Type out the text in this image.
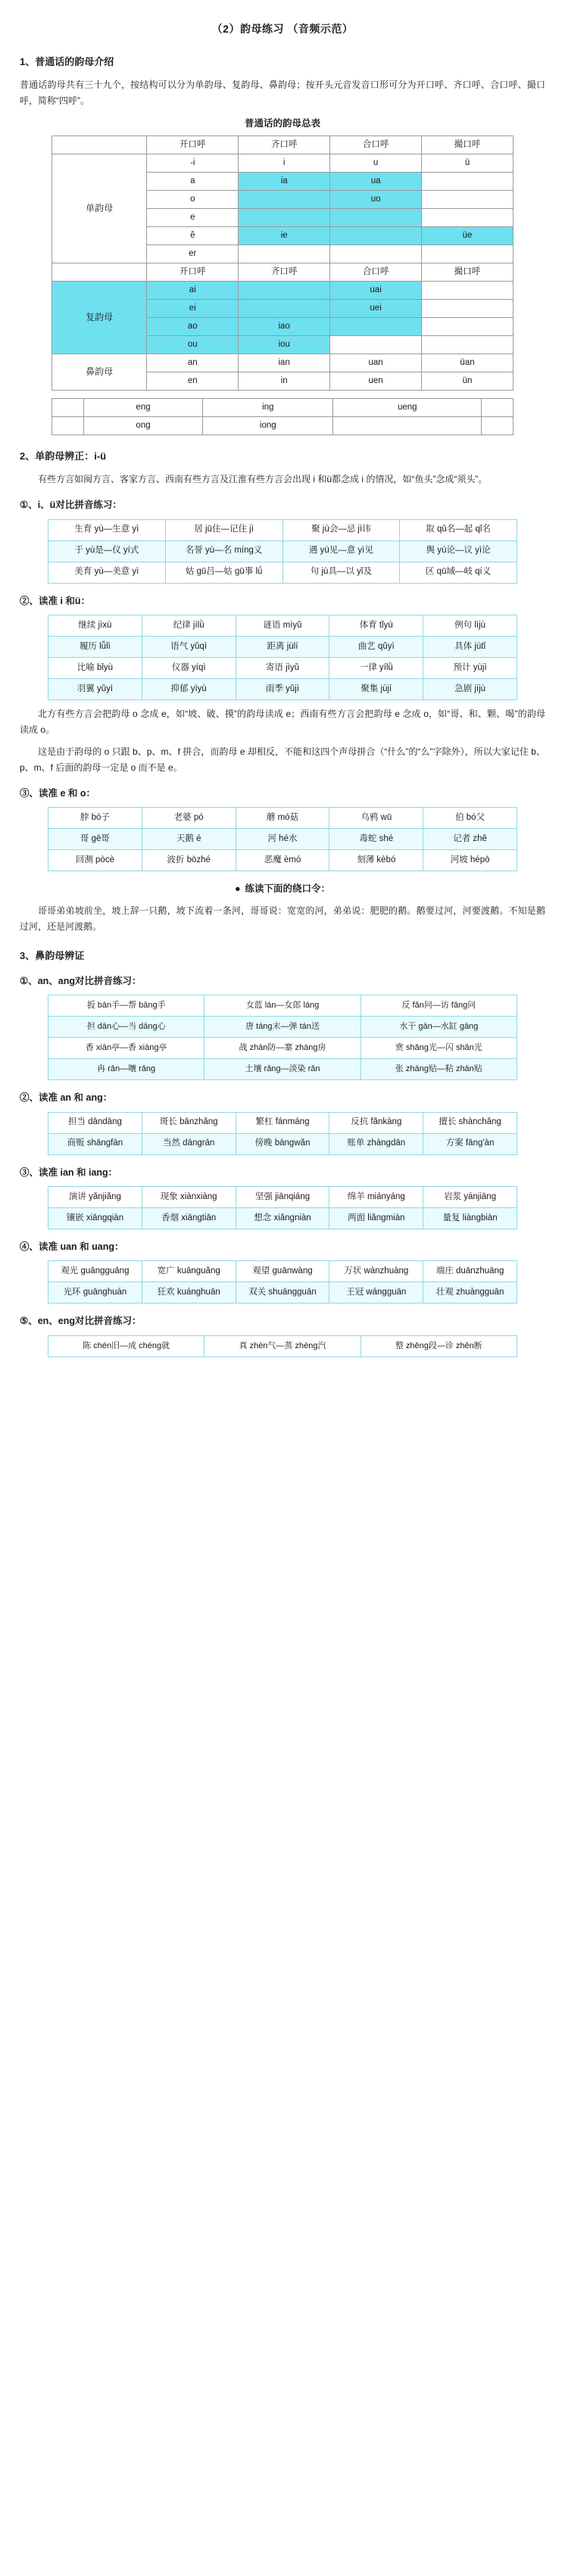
（2）韵母练习 （音频示范）
1、普通话的韵母介绍

普通话韵母共有三十九个，按结构可以分为单韵母、复韵母、鼻韵母；按开头元音发音口形可分为开口呼、齐口呼、合口呼、撮口呼，简称“四呼”。

普通话的韵母总表
	开口呼	齐口呼	合口呼	撮口呼
单韵母	-i	i	u	ü
	a	ia	ua	
	o		uo	
	e			
	ê	ie		üe
	er			
	开口呼	齐口呼	合口呼	撮口呼
复韵母	ai		uai	
	ei		uei	
	ao	iao		
	ou	iou		
鼻韵母	an	ian	uan	üan
	en	in	uen	ün
	eng	ing	ueng	
	ong	iong		
2、单韵母辨正：i-ü

有些方言如闽方言、客家方言、西南有些方言及江淮有些方言会出现 i 和ü都念成 i 的情况，如“鱼头”念成“须头”。

①、i、ü对比拼音练习：
生育 yù—生意 yì	居 jū住—记住 jì	聚 jù会—忌 jì讳	取 qǔ名—起 qǐ名
于 yú是—仪 yí式	名誉 yù—名 míng义	遇 yù见—意 yì见	舆 yú论—议 yì论
美育 yù—美意 yì	姑 gū吕—姑 gū事 lǘ	句 jù具—以 yǐ及	区 qū域—岐 qí义
②、读准 i 和ü：
继续 jìxù	纪律 jìlǜ	谜语 mìyǔ	体育 tǐyù	例句 lìjù
履历 lǚlì	语气 yǔqì	距离 jùlí	曲艺 qǔyì	具体 jùtǐ
比喻 bǐyù	仪器 yíqì	寄语 jìyǔ	一律 yílǜ	预计 yùjì
羽翼 yǔyì	抑郁 yìyù	雨季 yǔjì	聚集 jùjí	急剧 jíjù

北方有些方言会把韵母 o 念成 e，如“坡、破、摸”的韵母读成 e；西南有些方言会把韵母 e 念成 o，如“哥、和、颗、喝”的韵母读成 o。

这是由于韵母的 o 只跟 b、p、m、f 拼合，而韵母 e 却相反，不能和这四个声母拼合（“什么”的“么”字除外），所以大家记住 b、p、m、f 后面的韵母一定是 o 而不是 e。

③、读准 e 和 o：
脖 bó子	老婆 pó	蘑 mó菇	乌鸦 wū	伯 bó父
哥 gē哥	天鹅 é	河 hé水	毒蛇 shé	记者 zhě
回测 pòcè	波折 bōzhé	恶魔 èmó	刻薄 kèbó	河坡 hépō
● 练读下面的绕口令：

哥哥弟弟坡前坐，坡上辞一只鹅，坡下流着一条河，哥哥说：宽宽的河，弟弟说：肥肥的鹅。鹅要过河，河要渡鹅。不知是鹅过河，还是河渡鹅。

3、鼻韵母辨证
①、an、ang对比拼音练习：
扳 bān手—帮 bāng手	女蓝 lán—女郎 láng	反 fǎn问—访 fǎng问
担 dān心—当 dāng心	唐 táng末—弹 tán送	水干 gān—水缸 gāng
香 xiān亭—香 xiāng亭	战 zhàn防—寨 zhàng房	赏 shǎng光—闪 shǎn光
冉 rǎn—嚷 rǎng	土壤 rǎng—淡染 rǎn	张 zhāng贴—粘 zhān贴
②、读准 an 和 ang：
担当 dāndāng	斑长 bānzhǎng	繁杠 fánmáng	反抗 fǎnkàng	擅长 shànchǎng
商贩 shāngfàn	当然 dāngrán	傍晚 bàngwǎn	账单 zhàngdān	方案 fāng'àn
③、读准 ian 和 iang：
演讲 yǎnjiǎng	现象 xiànxiàng	坚强 jiānqiáng	绵羊 miányáng	岩浆 yánjiāng
镶嵌 xiāngqiàn	香烟 xiāngtiān	想念 xiǎngniàn	两面 liǎngmiàn	量复 liàngbiàn
④、读准 uan 和 uang：
观光 guāngguāng	宽广 kuānguǎng	观望 guānwàng	万状 wànzhuàng	端庄 duānzhuāng
光环 guānghuán	狂欢 kuánghuān	双关 shuāngguān	王冠 wángguān	壮观 zhuàngguān
⑤、en、eng对比拼音练习：
陈 chén旧—成 chéng就	真 zhēn气—蒸 zhēng汽	整 zhěng段—诊 zhěn断
